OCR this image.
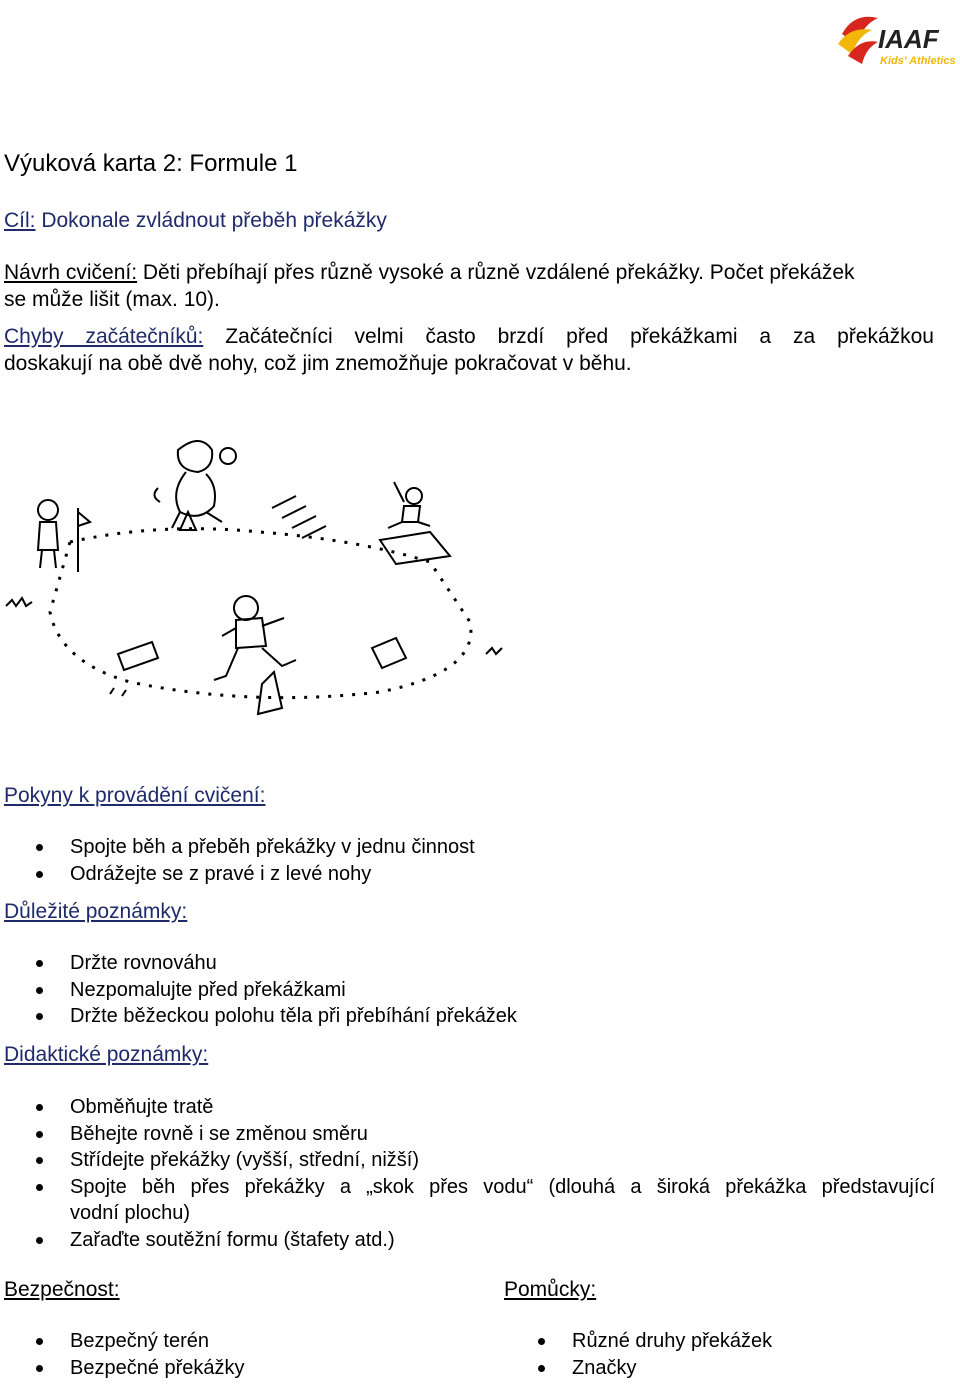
IAAF
Kids' Athletics
Výuková karta 2: Formule 1
Cíl: Dokonale zvládnout přeběh překážky
Návrh cvičení: Děti přebíhají přes různě vysoké a různě vzdálené překážky. Počet překážek
se může lišit (max. 10).
Chyby začátečníků: Začátečníci velmi často brzdí před překážkami a za překážkou
doskakují na obě dvě nohy, což jim znemožňuje pokračovat v běhu.
Pokyny k provádění cvičení:
Spojte běh a přeběh překážky v jednu činnost
Odrážejte se z pravé i z levé nohy
Důležité poznámky:
Držte rovnováhu
Nezpomalujte před překážkami
Držte běžeckou polohu těla při přebíhání překážek
Didaktické poznámky:
Obměňujte tratě
Běhejte rovně i se změnou směru
Střídejte překážky (vyšší, střední, nižší)
Spojte běh přes překážky a „skok přes vodu“ (dlouhá a široká překážka představující
vodní plochu)
Zařaďte soutěžní formu (štafety atd.)
Bezpečnost:
Bezpečný terén
Bezpečné překážky
Pomůcky:
Různé druhy překážek
Značky
